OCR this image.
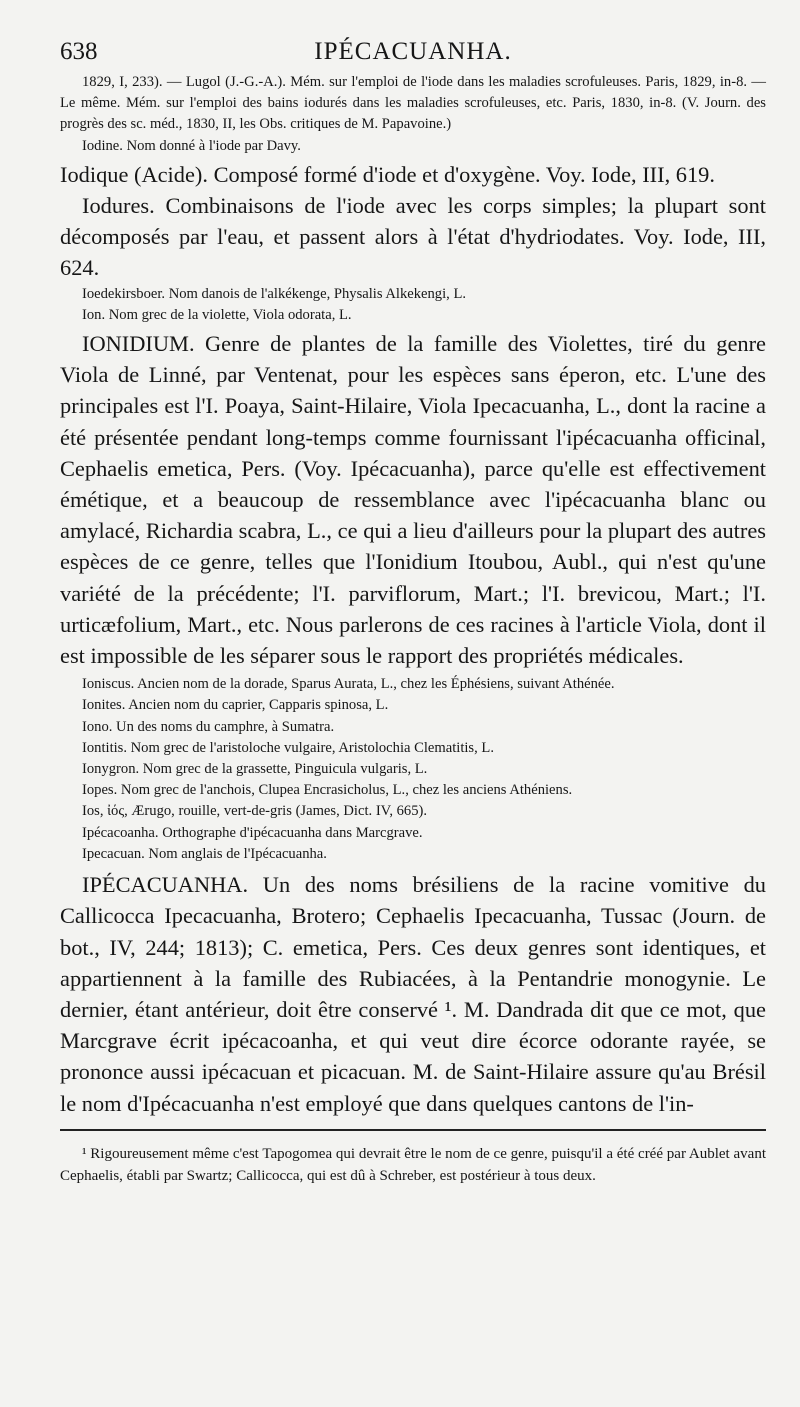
638	IPÉCACUANHA.

1829, I, 233). — Lugol (J.-G.-A.). Mém. sur l'emploi de l'iode dans les maladies scrofuleuses. Paris, 1829, in-8. — Le même. Mém. sur l'emploi des bains iodurés dans les maladies scrofuleuses, etc. Paris, 1830, in-8. (V. Journ. des progrès des sc. méd., 1830, II, les Obs. critiques de M. Papavoine.)

Iodine. Nom donné à l'iode par Davy.

Iodique (Acide). Composé formé d'iode et d'oxygène. Voy. Iode, III, 619.

Iodures. Combinaisons de l'iode avec les corps simples; la plupart sont décomposés par l'eau, et passent alors à l'état d'hydriodates. Voy. Iode, III, 624.

Ioedekirsboer. Nom danois de l'alkékenge, Physalis Alkekengi, L.

Ion. Nom grec de la violette, Viola odorata, L.

IONIDIUM. Genre de plantes de la famille des Violettes, tiré du genre Viola de Linné, par Ventenat, pour les espèces sans éperon, etc. L'une des principales est l'I. Poaya, Saint-Hilaire, Viola Ipecacuanha, L., dont la racine a été présentée pendant long-temps comme fournissant l'ipécacuanha officinal, Cephaelis emetica, Pers. (Voy. Ipécacuanha), parce qu'elle est effectivement émétique, et a beaucoup de ressemblance avec l'ipécacuanha blanc ou amylacé, Richardia scabra, L., ce qui a lieu d'ailleurs pour la plupart des autres espèces de ce genre, telles que l'Ionidium Itoubou, Aubl., qui n'est qu'une variété de la précédente; l'I. parviflorum, Mart.; l'I. brevicou, Mart.; l'I. urticæfolium, Mart., etc. Nous parlerons de ces racines à l'article Viola, dont il est impossible de les séparer sous le rapport des propriétés médicales.

Ioniscus. Ancien nom de la dorade, Sparus Aurata, L., chez les Éphésiens, suivant Athénée.

Ionites. Ancien nom du caprier, Capparis spinosa, L.

Iono. Un des noms du camphre, à Sumatra.

Iontitis. Nom grec de l'aristoloche vulgaire, Aristolochia Clematitis, L.

Ionygron. Nom grec de la grassette, Pinguicula vulgaris, L.

Iopes. Nom grec de l'anchois, Clupea Encrasicholus, L., chez les anciens Athéniens.

Ios, ἰός, Ærugo, rouille, vert-de-gris (James, Dict. IV, 665).

Ipécacoanha. Orthographe d'ipécacuanha dans Marcgrave.

Ipecacuan. Nom anglais de l'Ipécacuanha.

IPÉCACUANHA. Un des noms brésiliens de la racine vomitive du Callicocca Ipecacuanha, Brotero; Cephaelis Ipecacuanha, Tussac (Journ. de bot., IV, 244; 1813); C. emetica, Pers. Ces deux genres sont identiques, et appartiennent à la famille des Rubiacées, à la Pentandrie monogynie. Le dernier, étant antérieur, doit être conservé ¹. M. Dandrada dit que ce mot, que Marcgrave écrit ipécacoanha, et qui veut dire écorce odorante rayée, se prononce aussi ipécacuan et picacuan. M. de Saint-Hilaire assure qu'au Brésil le nom d'Ipécacuanha n'est employé que dans quelques cantons de l'in-

¹ Rigoureusement même c'est Tapogomea qui devrait être le nom de ce genre, puisqu'il a été créé par Aublet avant Cephaelis, établi par Swartz; Callicocca, qui est dû à Schreber, est postérieur à tous deux.
